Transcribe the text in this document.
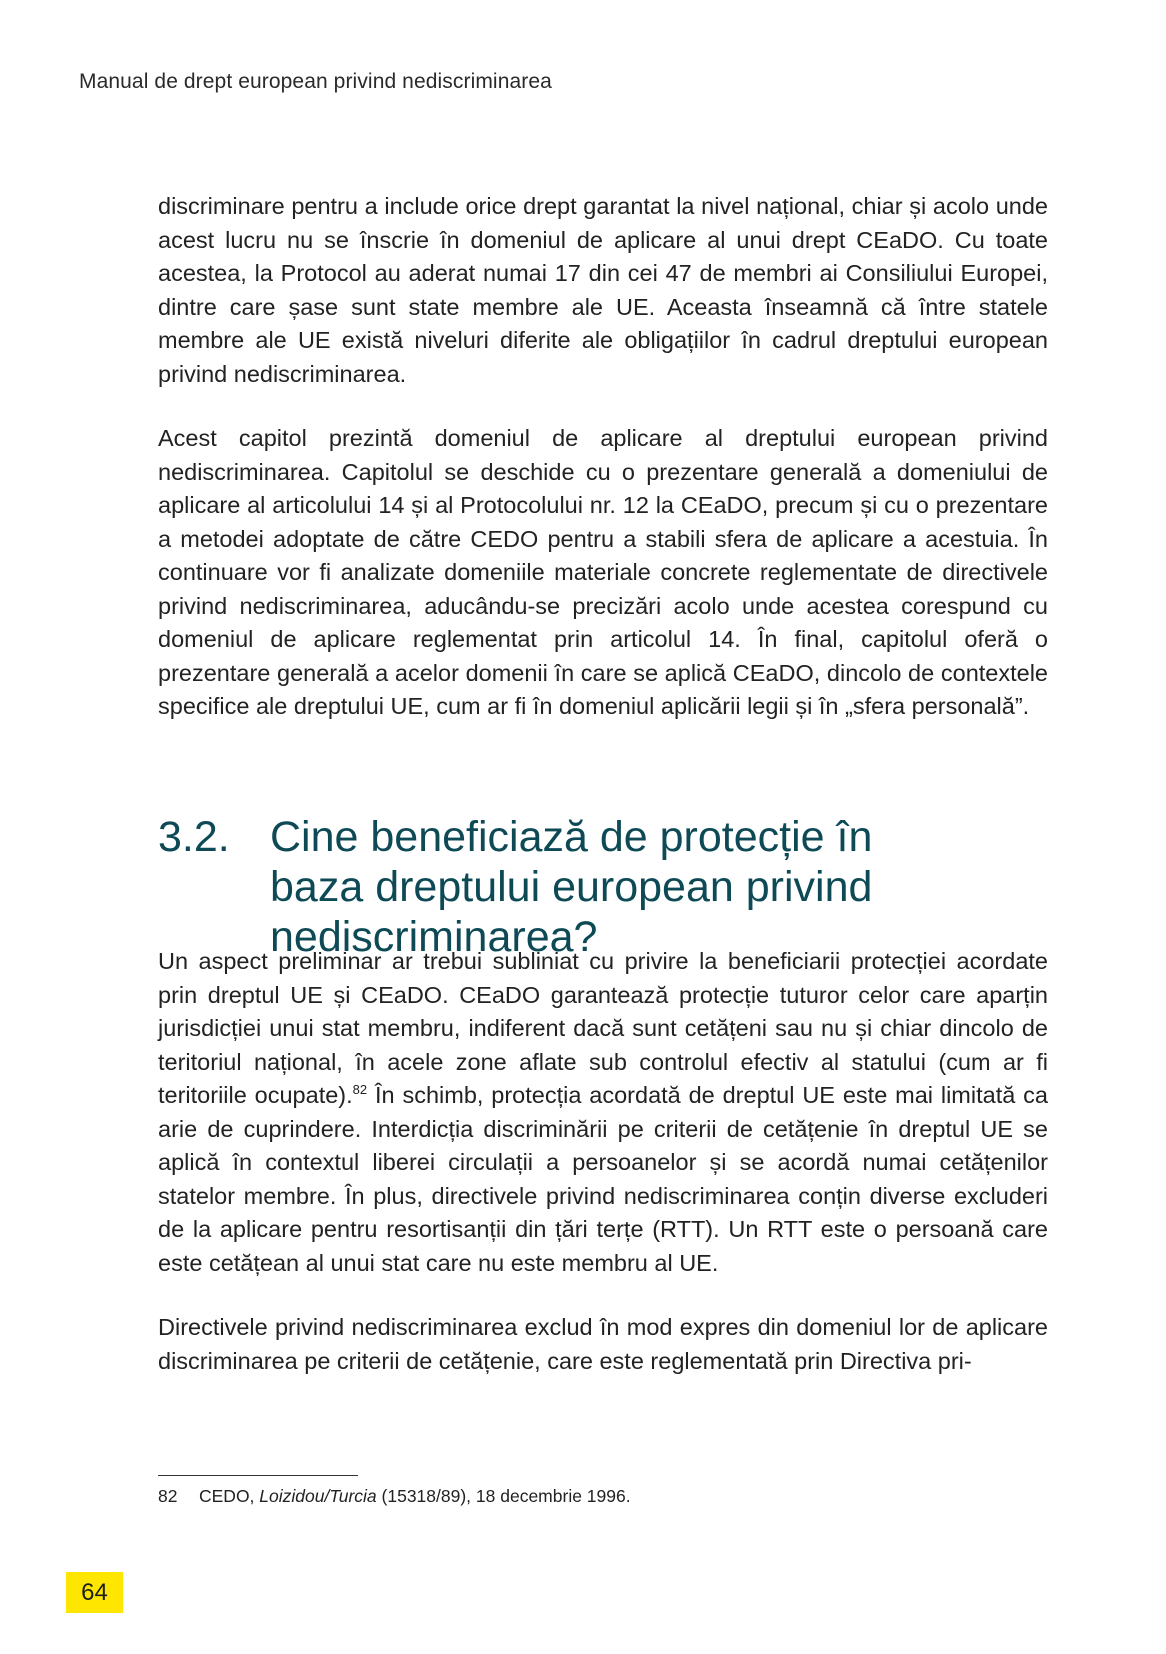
Manual de drept european privind nediscriminarea

discriminare pentru a include orice drept garantat la nivel național, chiar și acolo unde acest lucru nu se înscrie în domeniul de aplicare al unui drept CEaDO. Cu toate acestea, la Protocol au aderat numai 17 din cei 47 de membri ai Consiliului Europei, dintre care șase sunt state membre ale UE. Aceasta înseamnă că între statele membre ale UE există niveluri diferite ale obligațiilor în cadrul dreptului european privind nediscriminarea.

Acest capitol prezintă domeniul de aplicare al dreptului european privind nediscriminarea. Capitolul se deschide cu o prezentare generală a domeniului de aplicare al articolului 14 și al Protocolului nr. 12 la CEaDO, precum și cu o prezentare a metodei adoptate de către CEDO pentru a stabili sfera de aplicare a acestuia. În continuare vor fi analizate domeniile materiale concrete reglementate de directivele privind nediscriminarea, aducându-se precizări acolo unde acestea corespund cu domeniul de aplicare reglementat prin articolul 14. În final, capitolul oferă o prezentare generală a acelor domenii în care se aplică CEaDO, dincolo de contextele specifice ale dreptului UE, cum ar fi în domeniul aplicării legii și în „sfera personală”.

3.2. Cine beneficiază de protecție în baza dreptului european privind nediscriminarea?

Un aspect preliminar ar trebui subliniat cu privire la beneficiarii protecției acordate prin dreptul UE și CEaDO. CEaDO garantează protecție tuturor celor care aparțin jurisdicției unui stat membru, indiferent dacă sunt cetățeni sau nu și chiar dincolo de teritoriul național, în acele zone aflate sub controlul efectiv al statului (cum ar fi teritoriile ocupate).$^{82}$ În schimb, protecția acordată de dreptul UE este mai limitată ca arie de cuprindere. Interdicția discriminării pe criterii de cetățenie în dreptul UE se aplică în contextul liberei circulații a persoanelor și se acordă numai cetățenilor statelor membre. În plus, directivele privind nediscriminarea conțin diverse excluderi de la aplicare pentru resortisanții din țări terțe (RTT). Un RTT este o persoană care este cetățean al unui stat care nu este membru al UE.

Directivele privind nediscriminarea exclud în mod expres din domeniul lor de aplicare discriminarea pe criterii de cetățenie, care este reglementată prin Directiva pri-

82	CEDO, Loizidou/Turcia (15318/89), 18 decembrie 1996.
64
